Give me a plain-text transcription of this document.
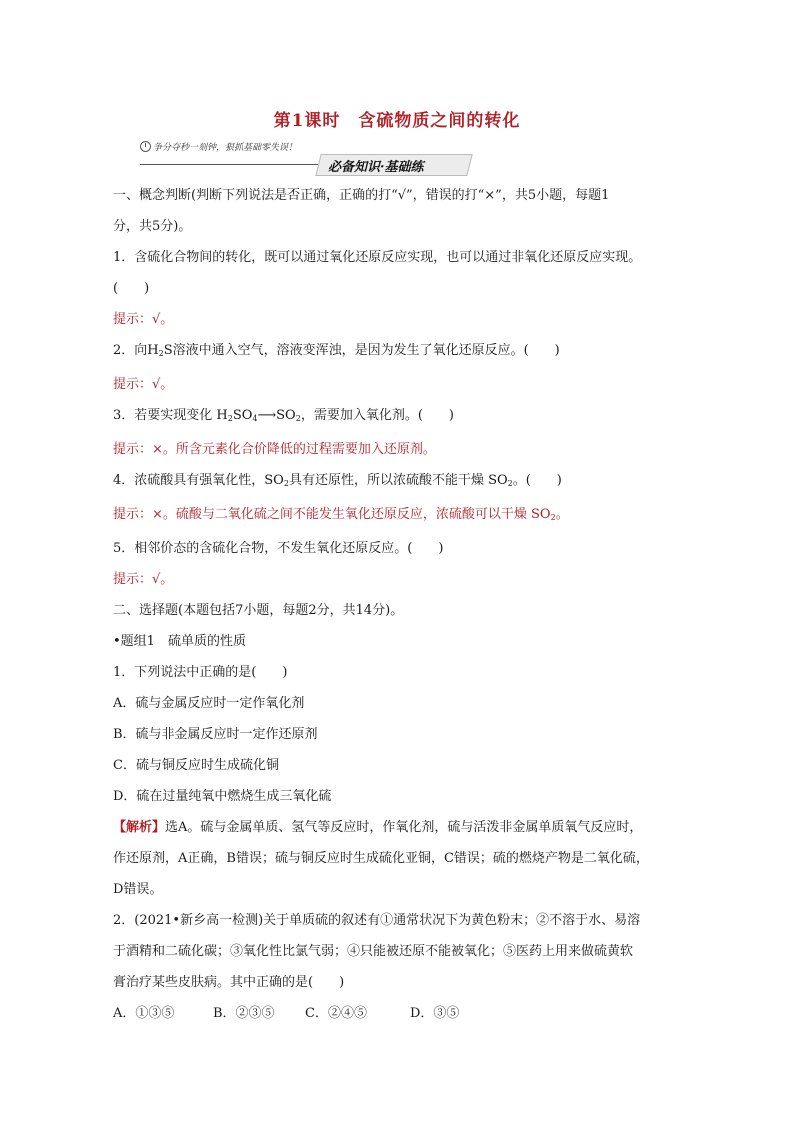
第1课时　含硫物质之间的转化
争分夺秒一刻钟，狠抓基础零失误！
必备知识·基础练
一、概念判断(判断下列说法是否正确，正确的打“√”，错误的打“×”，共5小题，每题1
分，共5分)。
1．含硫化合物间的转化，既可以通过氧化还原反应实现，也可以通过非氧化还原反应实现。
(　　)
提示：√。
2．向$H_2S$溶液中通入空气，溶液变浑浊，是因为发生了氧化还原反应。(　　)
提示：√。
3．若要实现变化 $H_2SO_4⟶SO_2$，需要加入氧化剂。(　　)
提示：×。所含元素化合价降低的过程需要加入还原剂。
4．浓硫酸具有强氧化性，$SO_2$具有还原性，所以浓硫酸不能干燥 $SO_2$。(　　)
提示：×。硫酸与二氧化硫之间不能发生氧化还原反应，浓硫酸可以干燥 $SO_2$。
5．相邻价态的含硫化合物，不发生氧化还原反应。(　　)
提示：√。
二、选择题(本题包括7小题，每题2分，共14分)。
•题组1　硫单质的性质
1．下列说法中正确的是(　　)
A．硫与金属反应时一定作氧化剂
B．硫与非金属反应时一定作还原剂
C．硫与铜反应时生成硫化铜
D．硫在过量纯氧中燃烧生成三氧化硫
【解析】选A。硫与金属单质、氢气等反应时，作氧化剂，硫与活泼非金属单质氧气反应时，
作还原剂，A正确，B错误；硫与铜反应时生成硫化亚铜，C错误；硫的燃烧产物是二氧化硫，
D错误。
2．(2021•新乡高一检测)关于单质硫的叙述有①通常状况下为黄色粉末；②不溶于水、易溶
于酒精和二硫化碳；③氧化性比氯气弱；④只能被还原不能被氧化；⑤医药上用来做硫黄软
膏治疗某些皮肤病。其中正确的是(　　)
A．①③⑤	B．②③⑤ C．②④⑤	D．③⑤
